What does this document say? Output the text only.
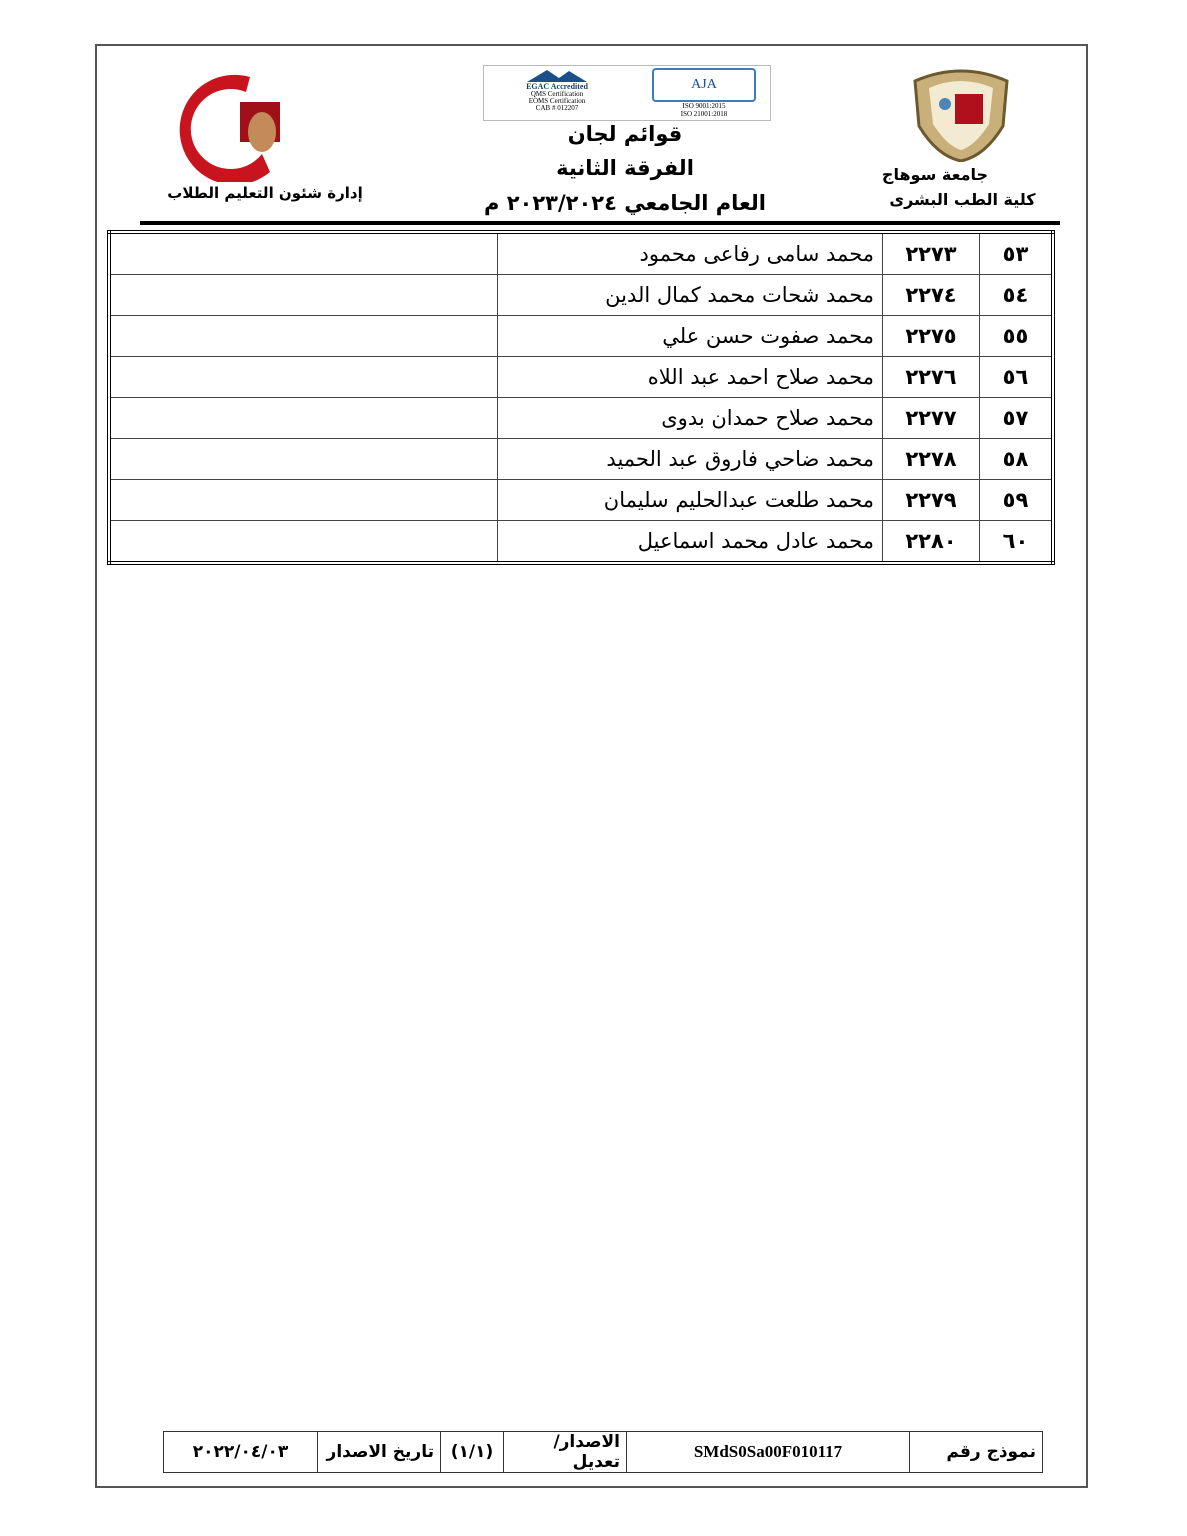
جامعة سوهاج
كلية الطب البشرى
EGAC Accredited
QMS Certification
EOMS Certification
CAB # 012207
AJA
ISO 9001:2015
ISO 21001:2018
قوائم لجان
الفرقة الثانية
العام الجامعي ٢٠٢٣/٢٠٢٤ م
إدارة شئون التعليم الطلاب
٥٣	٢٢٧٣	محمد سامى رفاعى محمود	
٥٤	٢٢٧٤	محمد شحات محمد كمال الدين	
٥٥	٢٢٧٥	محمد صفوت حسن علي	
٥٦	٢٢٧٦	محمد صلاح احمد عبد اللاه	
٥٧	٢٢٧٧	محمد صلاح حمدان بدوى	
٥٨	٢٢٧٨	محمد ضاحي فاروق عبد الحميد	
٥٩	٢٢٧٩	محمد طلعت عبدالحليم سليمان	
٦٠	٢٢٨٠	محمد عادل محمد اسماعيل	
نموذج رقم	SMdS0Sa00F010117	الاصدار/تعديل	(١/١)	تاريخ الاصدار	٢٠٢٢/٠٤/٠٣
